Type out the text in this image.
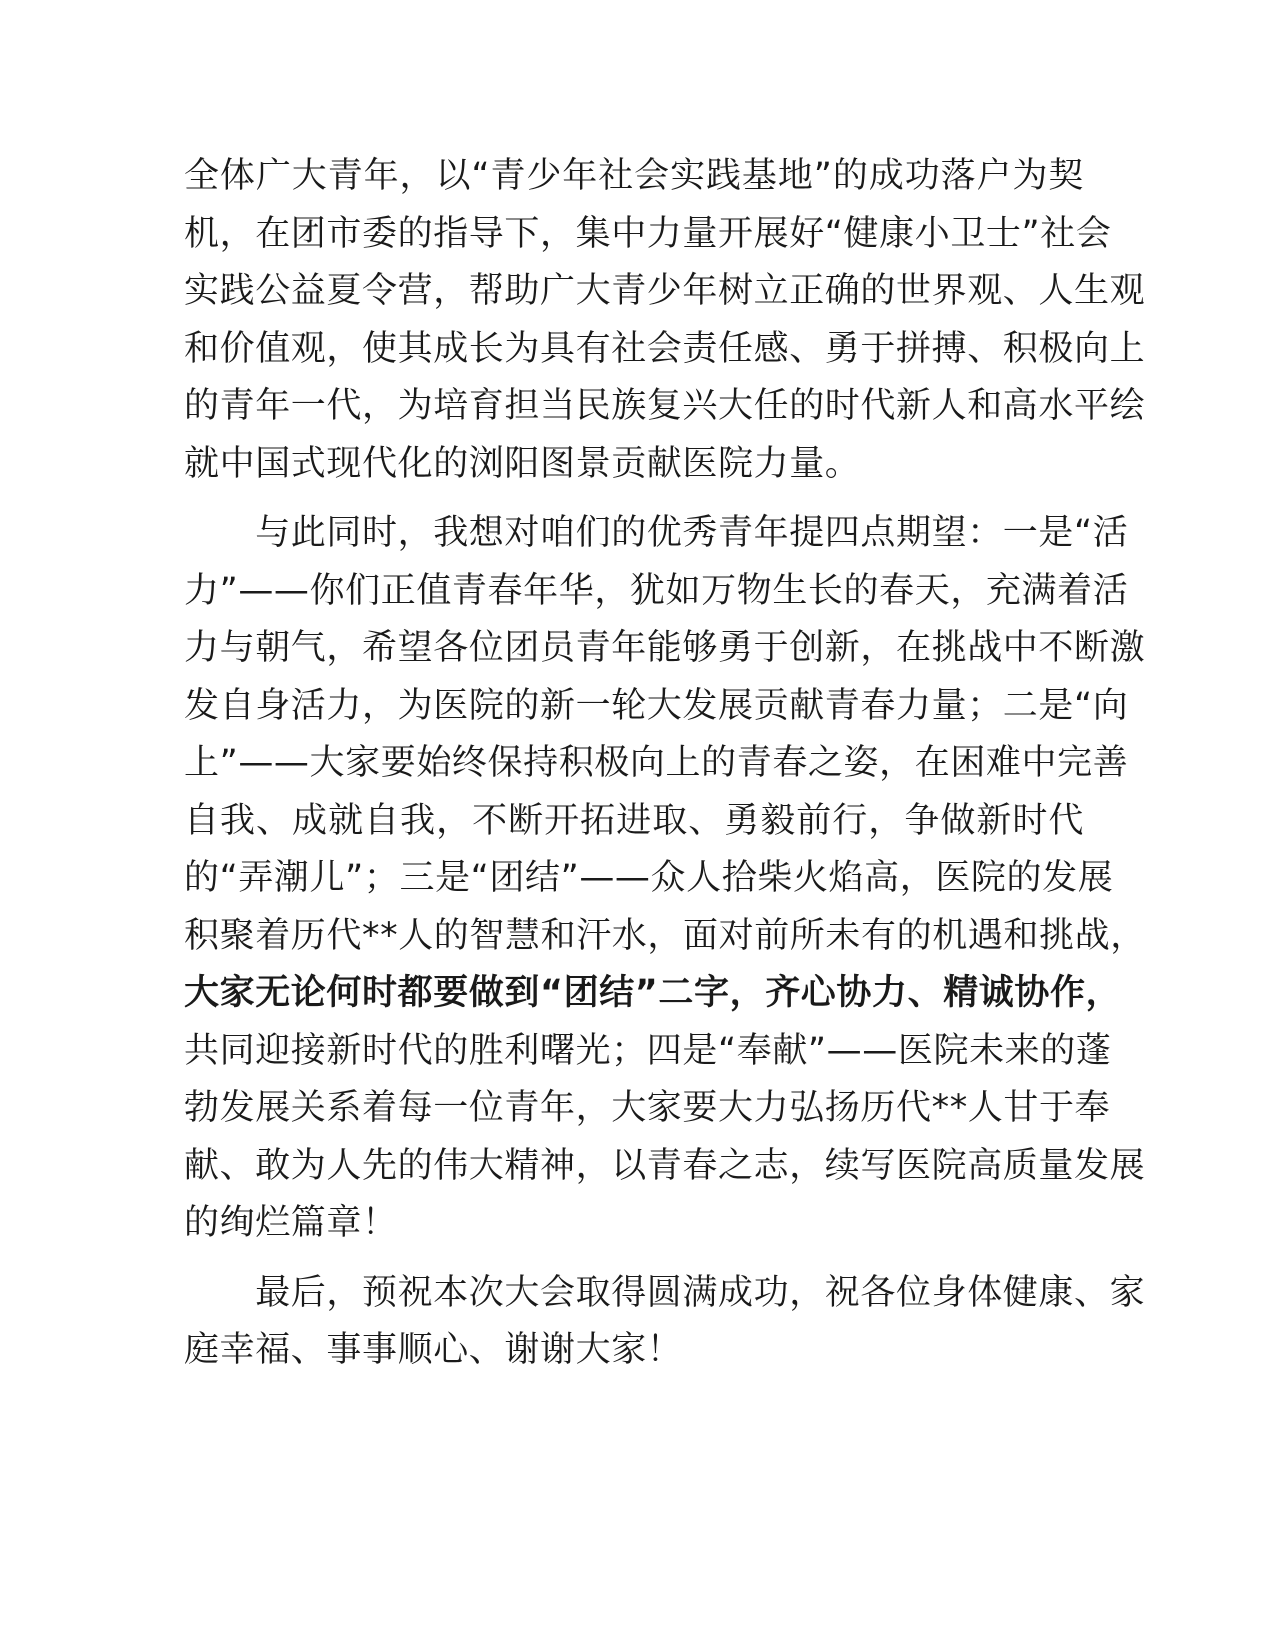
全体广大青年，以“青少年社会实践基地”的成功落户为契
机，在团市委的指导下，集中力量开展好“健康小卫士”社会
实践公益夏令营，帮助广大青少年树立正确的世界观、人生观
和价值观，使其成长为具有社会责任感、勇于拼搏、积极向上
的青年一代，为培育担当民族复兴大任的时代新人和高水平绘
就中国式现代化的浏阳图景贡献医院力量。
　　与此同时，我想对咱们的优秀青年提四点期望：一是“活
力”——你们正值青春年华，犹如万物生长的春天，充满着活
力与朝气，希望各位团员青年能够勇于创新，在挑战中不断激
发自身活力，为医院的新一轮大发展贡献青春力量；二是“向
上”——大家要始终保持积极向上的青春之姿，在困难中完善
自我、成就自我，不断开拓进取、勇毅前行，争做新时代
的“弄潮儿”；三是“团结”——众人拾柴火焰高，医院的发展
积聚着历代**人的智慧和汗水，面对前所未有的机遇和挑战，
大家无论何时都要做到“团结”二字，齐心协力、精诚协作，
共同迎接新时代的胜利曙光；四是“奉献”——医院未来的蓬
勃发展关系着每一位青年，大家要大力弘扬历代**人甘于奉
献、敢为人先的伟大精神，以青春之志，续写医院高质量发展
的绚烂篇章！
　　最后，预祝本次大会取得圆满成功，祝各位身体健康、家
庭幸福、事事顺心、谢谢大家！
